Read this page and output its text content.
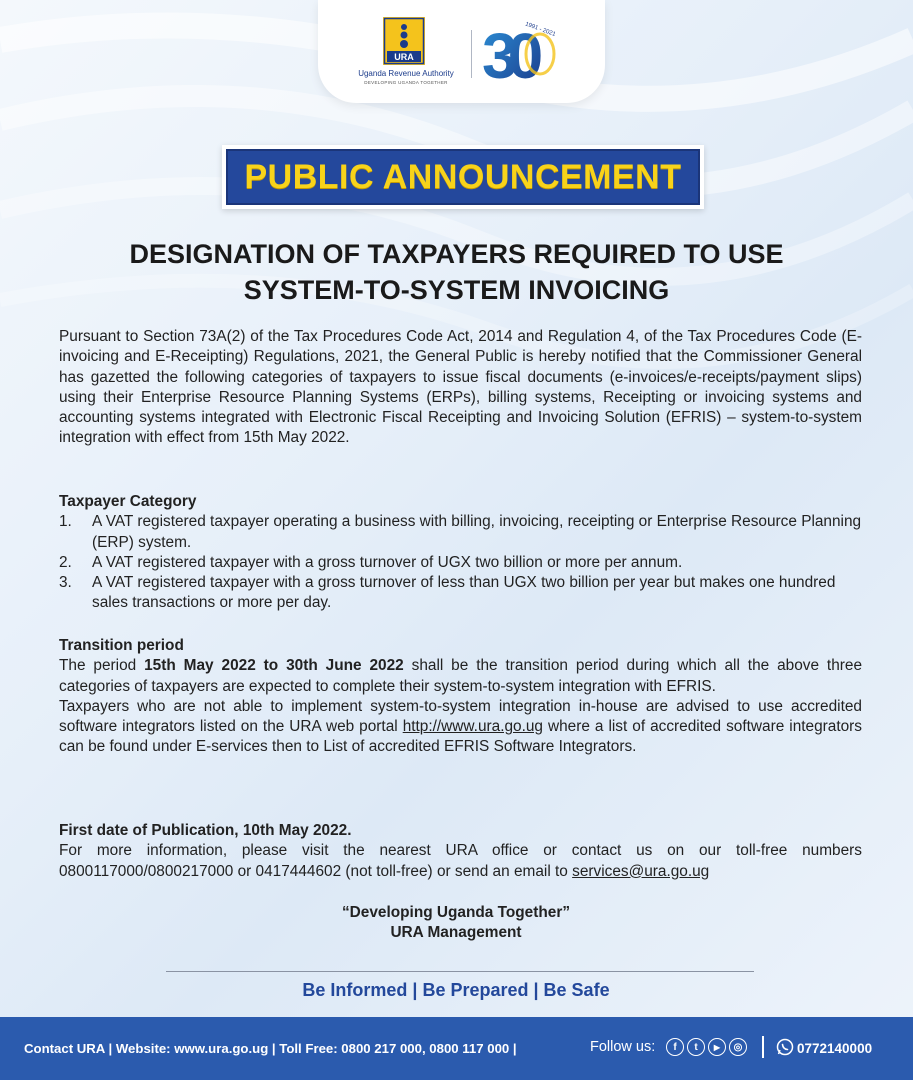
URA
Uganda Revenue Authority
DEVELOPING UGANDA TOGETHER 30
1991 - 2021
PUBLIC ANNOUNCEMENT
DESIGNATION OF TAXPAYERS REQUIRED TO USE
SYSTEM-TO-SYSTEM INVOICING
Pursuant to Section 73A(2) of the Tax Procedures Code Act, 2014 and Regulation 4, of the Tax Procedures Code (E-invoicing and E-Receipting) Regulations, 2021, the General Public is hereby notified that the Commissioner General has gazetted the following categories of taxpayers to issue fiscal documents (e-invoices/e-receipts/payment slips) using their Enterprise Resource Planning Systems (ERPs), billing systems, Receipting or invoicing systems and accounting systems integrated with Electronic Fiscal Receipting and Invoicing Solution (EFRIS) – system-to-system integration with effect from 15th May 2022.
Taxpayer Category
1. A VAT registered taxpayer operating a business with billing, invoicing, receipting or Enterprise Resource Planning (ERP) system.
2. A VAT registered taxpayer with a gross turnover of UGX two billion or more per annum.
3. A VAT registered taxpayer with a gross turnover of less than UGX two billion per year but makes one hundred sales transactions or more per day.
Transition period
The period 15th May 2022 to 30th June 2022 shall be the transition period during which all the above three categories of taxpayers are expected to complete their system-to-system integration with EFRIS.
Taxpayers who are not able to implement system-to-system integration in-house are advised to use accredited software integrators listed on the URA web portal http://www.ura.go.ug where a list of accredited software integrators can be found under E-services then to List of accredited EFRIS Software Integrators.
First date of Publication, 10th May 2022.
For more information, please visit the nearest URA office or contact us on our toll-free numbers 0800117000/0800217000 or 0417444602 (not toll-free) or send an email to services@ura.go.ug
“Developing Uganda Together”
URA Management
Be Informed | Be Prepared | Be Safe
Contact URA | Website: www.ura.go.ug | Toll Free: 0800 217 000, 0800 117 000 |	Follow us:	f	t	▶	◎	0772140000
